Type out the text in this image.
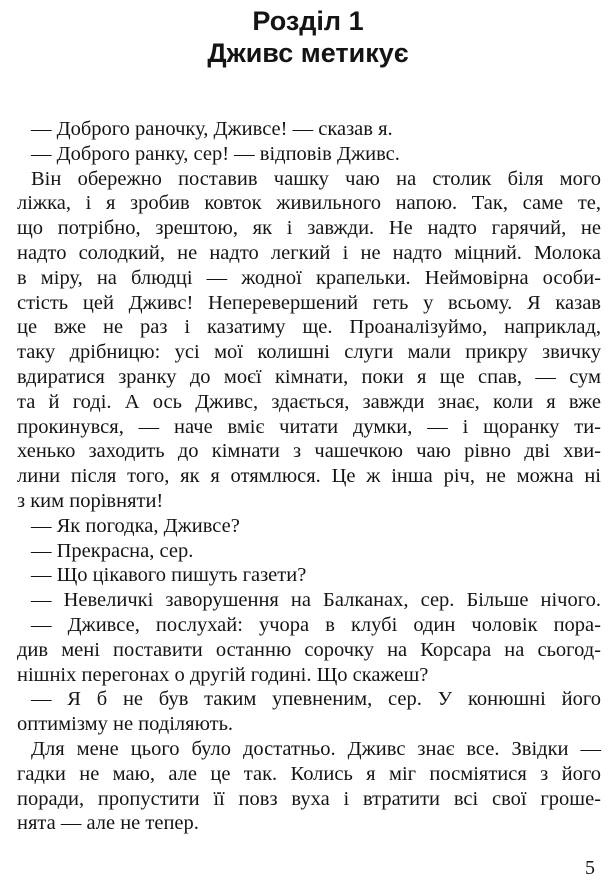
Розділ 1
Дживс метикує
— Доброго раночку, Дживсе! — сказав я.
— Доброго ранку, сер! — відповів Дживс.
Він обережно поставив чашку чаю на столик біля мого
ліжка, і я зробив ковток живильного напою. Так, саме те,
що потрібно, зрештою, як і завжди. Не надто гарячий, не
надто солодкий, не надто легкий і не надто міцний. Молока
в міру, на блюдці — жодної крапельки. Неймовірна особи-
стість цей Дживс! Неперевершений геть у всьому. Я казав
це вже не раз і казатиму ще. Проаналізуймо, наприклад,
таку дрібницю: усі мої колишні слуги мали прикру звичку
вдиратися зранку до моєї кімнати, поки я ще спав, — сум
та й годі. А ось Дживс, здається, завжди знає, коли я вже
прокинувся, — наче вміє читати думки, — і щоранку ти-
хенько заходить до кімнати з чашечкою чаю рівно дві хви-
лини після того, як я отямлюся. Це ж інша річ, не можна ні
з ким порівняти!
— Як погодка, Дживсе?
— Прекрасна, сер.
— Що цікавого пишуть газети?
— Невеличкі заворушення на Балканах, сер. Більше нічого.
— Дживсе, послухай: учора в клубі один чоловік пора-
див мені поставити останню сорочку на Корсара на сьогод-
нішніх перегонах о другій годині. Що скажеш?
— Я б не був таким упевненим, сер. У конюшні його
оптимізму не поділяють.
Для мене цього було достатньо. Дживс знає все. Звідки —
гадки не маю, але це так. Колись я міг посміятися з його
поради, пропустити її повз вуха і втратити всі свої гроше-
нята — але не тепер.
5
